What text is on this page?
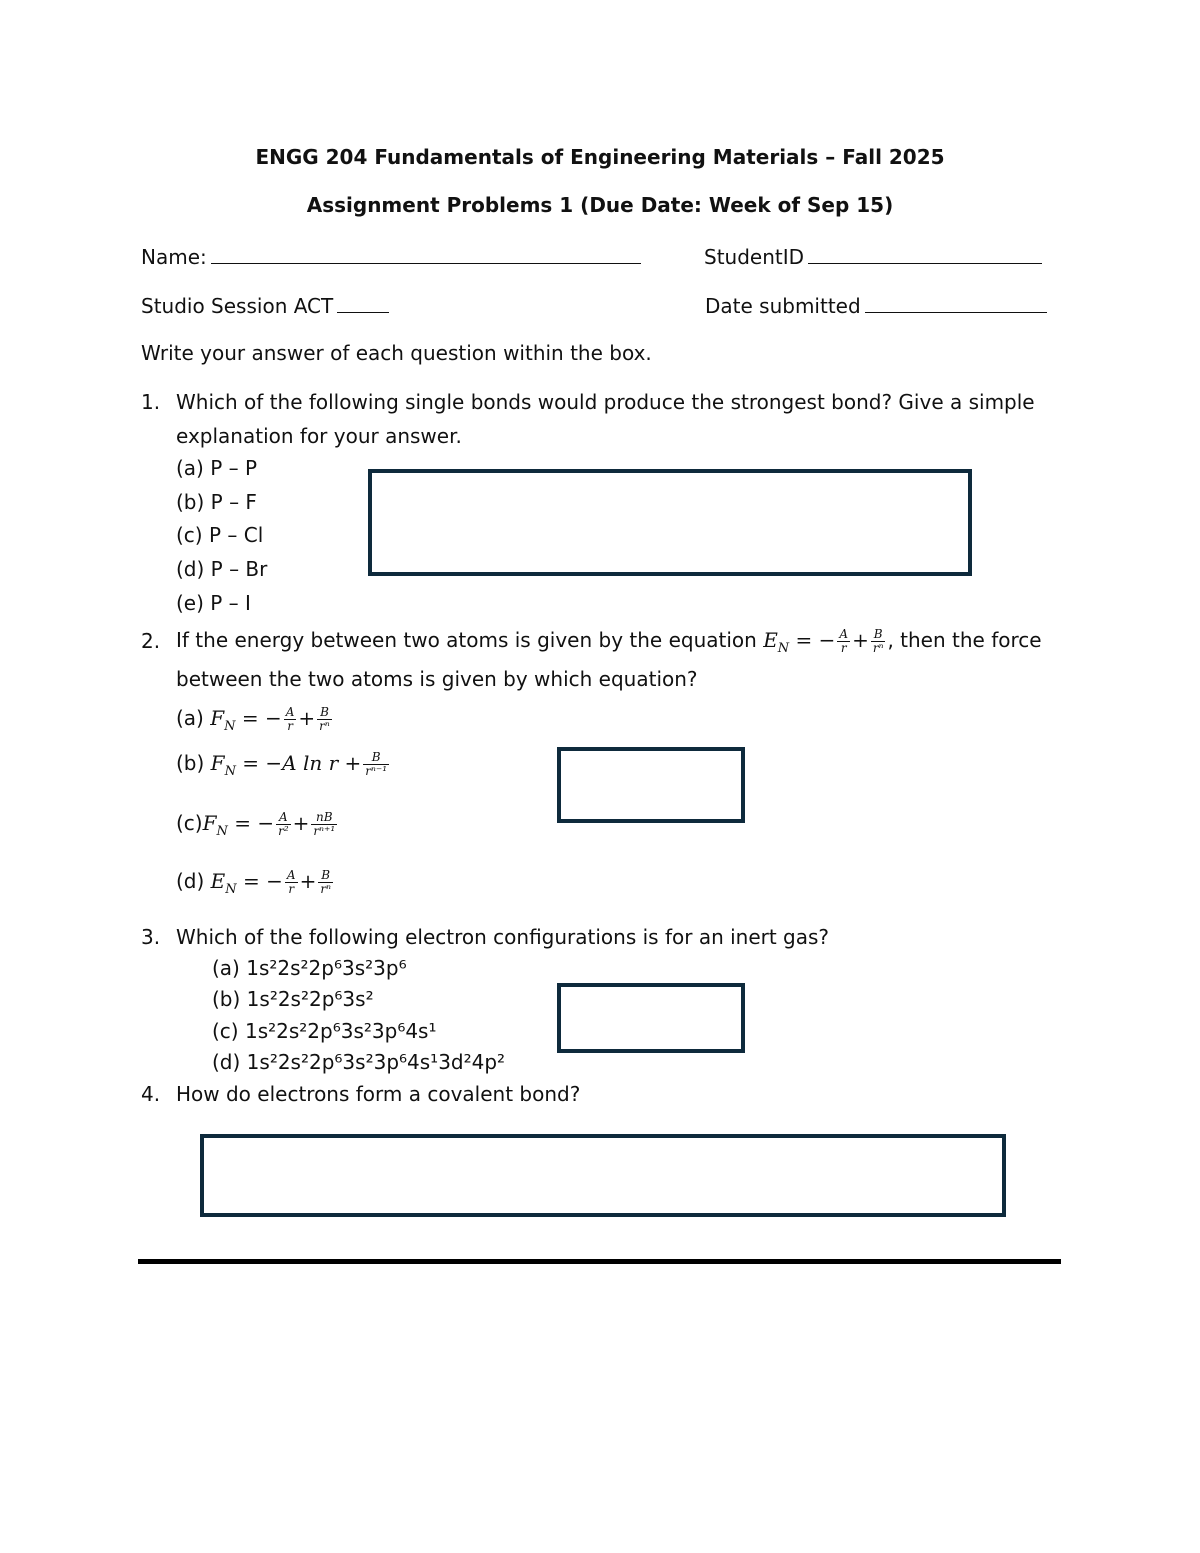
ENGG 204 Fundamentals of Engineering Materials – Fall 2025
Assignment Problems 1 (Due Date: Week of Sep 15)
Name:	StudentID
Studio Session ACT	Date submitted
Write your answer of each question within the box.
1. Which of the following single bonds would produce the strongest bond? Give a simple
explanation for your answer.
(a) P – P
(b) P – F
(c) P – Cl
(d) P – Br
(e) P – I
2. If the energy between two atoms is given by the equation $E_N$ = − $\frac{A}{r} + \frac{B}{\text{rⁿ}}$ , then the force
between the two atoms is given by which equation?
(a) $F_N$ = − $\frac{A}{r} + \frac{B}{\text{rⁿ}}$
(b) $F_N = -A$ $\ln r + \frac{B}{\text{rⁿ⁻¹}}$
$(c)F_N$ = − $\frac{A}{\text{r²}} + \frac{nB}{\text{rⁿ⁺¹}}$
(d) $E_N$ = − $\frac{A}{r} + \frac{B}{\text{rⁿ}}$
3. Which of the following electron configurations is for an inert gas?
(a) 1s²2s²2p⁶3s²3p⁶
(b) 1s²2s²2p⁶3s²
(c) 1s²2s²2p⁶3s²3p⁶4s¹
(d) 1s²2s²2p⁶3s²3p⁶4s¹3d²4p²
4. How do electrons form a covalent bond?
